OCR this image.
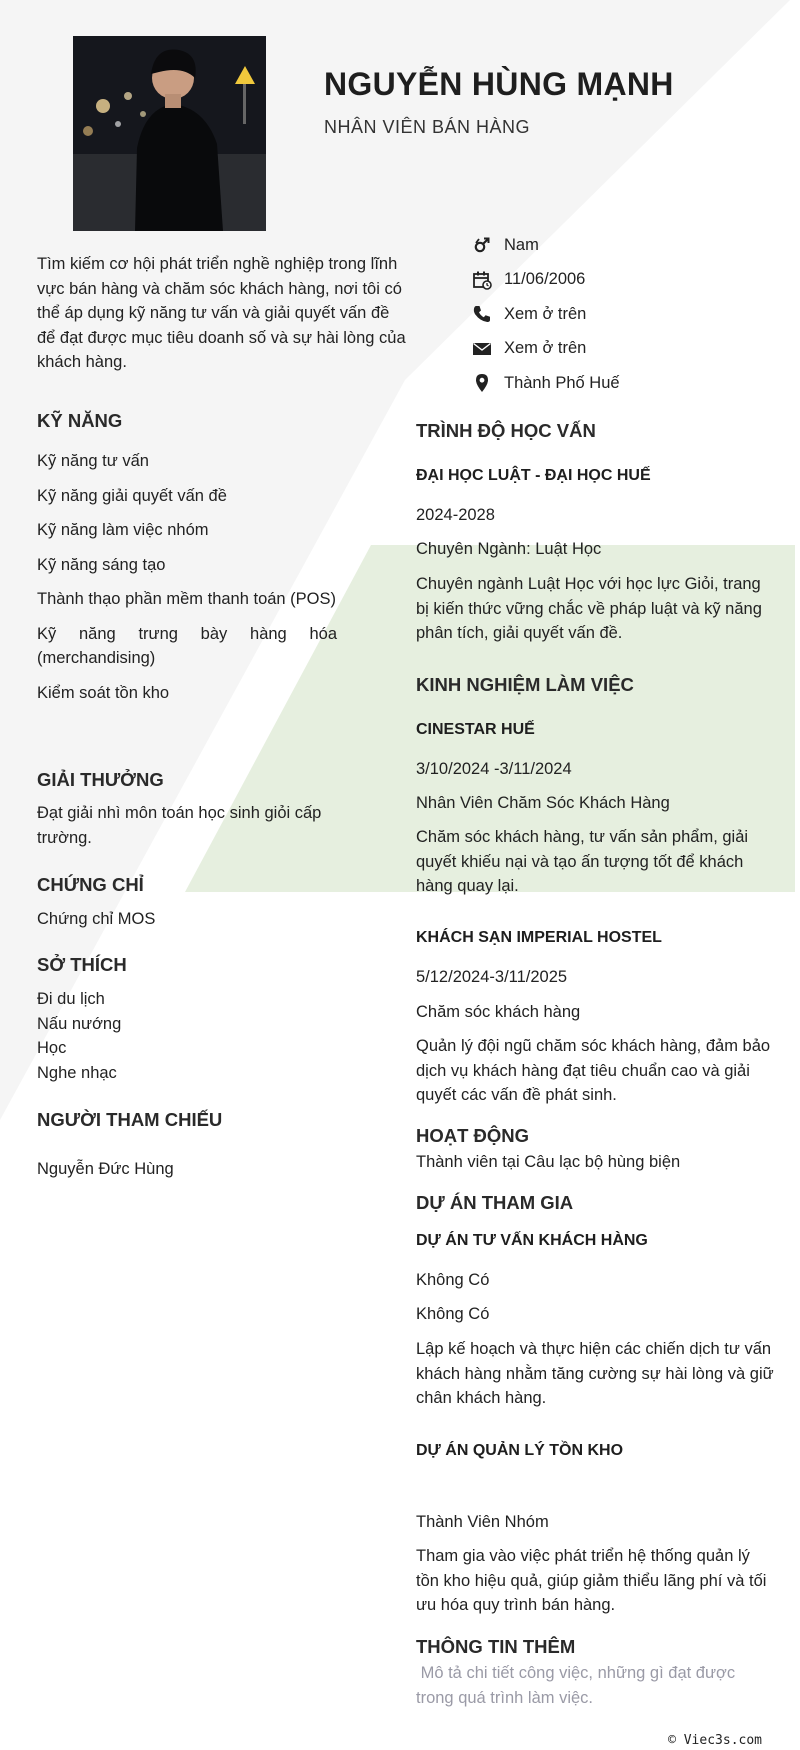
NGUYỄN HÙNG MẠNH
NHÂN VIÊN BÁN HÀNG
Tìm kiếm cơ hội phát triển nghề nghiệp trong lĩnh vực bán hàng và chăm sóc khách hàng, nơi tôi có thể áp dụng kỹ năng tư vấn và giải quyết vấn đề để đạt được mục tiêu doanh số và sự hài lòng của khách hàng.
Nam
11/06/2006
Xem ở trên
Xem ở trên
Thành Phố Huế
KỸ NĂNG
Kỹ năng tư vấn
Kỹ năng giải quyết vấn đề
Kỹ năng làm việc nhóm
Kỹ năng sáng tạo
Thành thạo phần mềm thanh toán (POS)
Kỹ năng trưng bày hàng hóa (merchandising)
Kiểm soát tồn kho
GIẢI THƯỞNG
Đạt giải nhì môn toán học sinh giỏi cấp trường.
CHỨNG CHỈ
Chứng chỉ MOS
SỞ THÍCH
Đi du lịch
Nấu nướng
Học
Nghe nhạc
NGƯỜI THAM CHIẾU
Nguyễn Đức Hùng
TRÌNH ĐỘ HỌC VẤN
ĐẠI HỌC LUẬT - ĐẠI HỌC HUẾ
2024-2028
Chuyên Ngành: Luật Học
Chuyên ngành Luật Học với học lực Giỏi, trang bị kiến thức vững chắc về pháp luật và kỹ năng phân tích, giải quyết vấn đề.
KINH NGHIỆM LÀM VIỆC
CINESTAR HUẾ
3/10/2024 -3/11/2024
Nhân Viên Chăm Sóc Khách Hàng
Chăm sóc khách hàng, tư vấn sản phẩm, giải quyết khiếu nại và tạo ấn tượng tốt để khách hàng quay lại.
KHÁCH SẠN IMPERIAL HOSTEL
5/12/2024-3/11/2025
Chăm sóc khách hàng
Quản lý đội ngũ chăm sóc khách hàng, đảm bảo dịch vụ khách hàng đạt tiêu chuẩn cao và giải quyết các vấn đề phát sinh.
HOẠT ĐỘNG
Thành viên tại Câu lạc bộ hùng biện
DỰ ÁN THAM GIA
DỰ ÁN TƯ VẤN KHÁCH HÀNG
Không Có
Không Có
Lập kế hoạch và thực hiện các chiến dịch tư vấn khách hàng nhằm tăng cường sự hài lòng và giữ chân khách hàng.
DỰ ÁN QUẢN LÝ TỒN KHO
Thành Viên Nhóm
Tham gia vào việc phát triển hệ thống quản lý tồn kho hiệu quả, giúp giảm thiểu lãng phí và tối ưu hóa quy trình bán hàng.
THÔNG TIN THÊM
Mô tả chi tiết công việc, những gì đạt được trong quá trình làm việc.
© Viec3s.com
